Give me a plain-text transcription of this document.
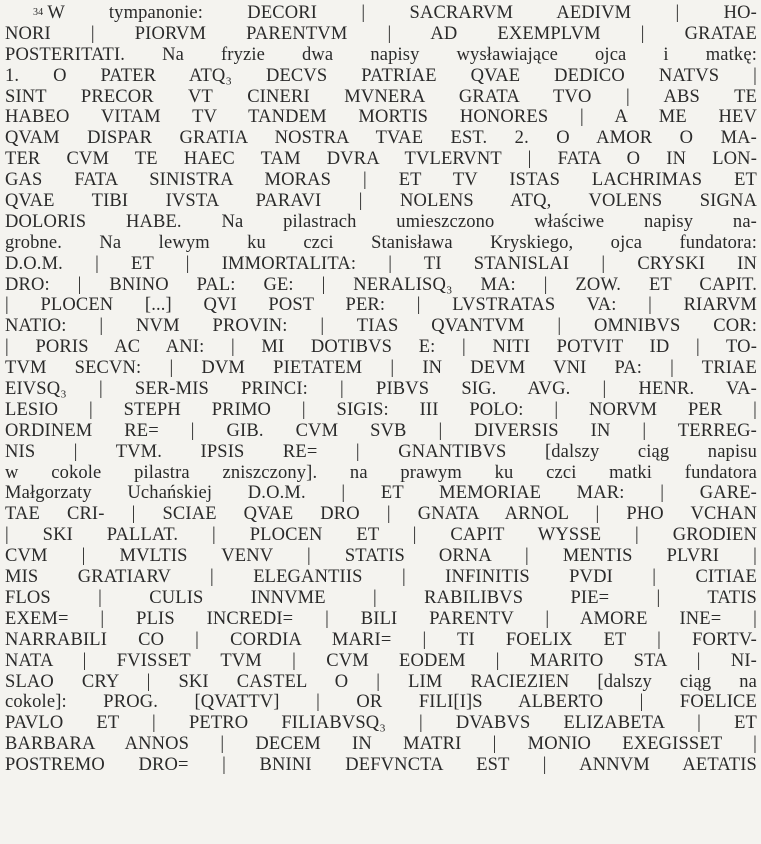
34 W tympanonie: DECORI | SACRARVM AEDIVM | HO-
NORI | PIORVM PARENTVM | AD EXEMPLVM | GRATAE
POSTERITATI. Na fryzie dwa napisy wysławiające ojca i matkę:
1. O PATER ATQ₃ DECVS PATRIAE QVAE DEDICO NATVS |
SINT PRECOR VT CINERI MVNERA GRATA TVO | ABS TE
HABEO VITAM TV TANDEM MORTIS HONORES | A ME HEV
QVAM DISPAR GRATIA NOSTRA TVAE EST. 2. O AMOR O MA-
TER CVM TE HAEC TAM DVRA TVLERVNT | FATA O IN LON-
GAS FATA SINISTRA MORAS | ET TV ISTAS LACHRIMAS ET
QVAE TIBI IVSTA PARAVI | NOLENS ATQ, VOLENS SIGNA
DOLORIS HABE. Na pilastrach umieszczono właściwe napisy na-
grobne. Na lewym ku czci Stanisława Kryskiego, ojca fundatora:
D.O.M. | ET | IMMORTALITA: | TI STANISLAI | CRYSKI IN
DRO: | BNINO PAL: GE: | NERALISQ₃ MA: | ZOW. ET CAPIT.
| PLOCEN [...] QVI POST PER: | LVSTRATAS VA: | RIARVM
NATIO: | NVM PROVIN: | TIAS QVANTVM | OMNIBVS COR:
| PORIS AC ANI: | MI DOTIBVS E: | NITI POTVIT ID | TO-
TVM SECVN: | DVM PIETATEM | IN DEVM VNI PA: | TRIAE
EIVSQ₃ | SER-MIS PRINCI: | PIBVS SIG. AVG. | HENR. VA-
LESIO | STEPH PRIMO | SIGIS: III POLO: | NORVM PER |
ORDINEM RE= | GIB. CVM SVB | DIVERSIS IN | TERREG-
NIS | TVM. IPSIS RE= | GNANTIBVS [dalszy ciąg napisu
w cokole pilastra zniszczony]. na prawym ku czci matki fundatora
Małgorzaty Uchańskiej D.O.M. | ET MEMORIAE MAR: | GARE-
TAE CRI- | SCIAE QVAE DRO | GNATA ARNOL | PHO VCHAN
| SKI PALLAT. | PLOCEN ET | CAPIT WYSSE | GRODIEN
CVM | MVLTIS VENV | STATIS ORNA | MENTIS PLVRI |
MIS GRATIARV | ELEGANTIIS | INFINITIS PVDI | CITIAE
FLOS | CULIS INNVME | RABILIBVS PIE= | TATIS
EXEM= | PLIS INCREDI= | BILI PARENTV | AMORE INE= |
NARRABILI CO | CORDIA MARI= | TI FOELIX ET | FORTV-
NATA | FVISSET TVM | CVM EODEM | MARITO STA | NI-
SLAO CRY | SKI CASTEL O | LIM RACIEZIEN [dalszy ciąg na
cokole]: PROG. [QVATTV] | OR FILI[I]S ALBERTO | FOELICE
PAVLO ET | PETRO FILIABVSQ₃ | DVABVS ELIZABETA | ET
BARBARA ANNOS | DECEM IN MATRI | MONIO EXEGISSET |
POSTREMO DRO= | BNINI DEFVNCTA EST | ANNVM AETATIS
